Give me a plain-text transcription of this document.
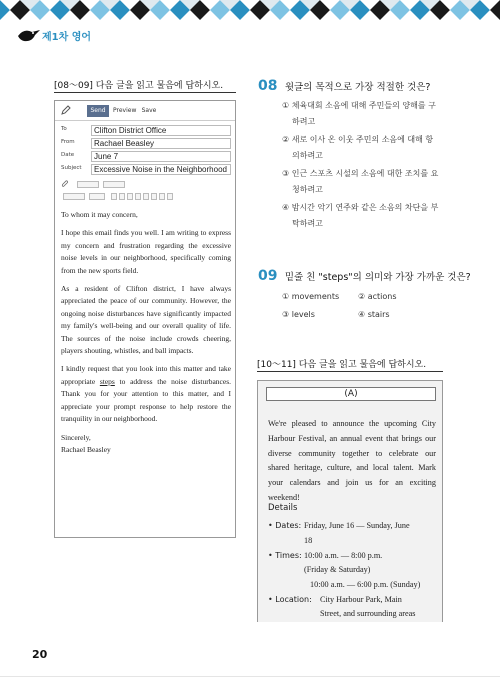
제1차 영어
[08～09] 다음 글을 읽고 물음에 답하시오.
Send	Preview Save
To	Clifton District Office
From	Rachael Beasley
Date	June 7
Subject	Excessive Noise in the Neighborhood

To whom it may concern,

I hope this email finds you well. I am writing to express my concern and frustration regarding the excessive noise levels in our neighborhood, specifically coming from the new sports field.

As a resident of Clifton district, I have always appreciated the peace of our community. However, the ongoing noise disturbances have significantly impacted my family's well-being and our overall quality of life. The sources of the noise include crowds cheering, players shouting, whistles, and ball impacts.

I kindly request that you look into this matter and take appropriate steps to address the noise disturbances. Thank you for your attention to this matter, and I appreciate your prompt response to help restore the tranquility in our neighborhood.

Sincerely,

Rachael Beasley

08 윗글의 목적으로 가장 적절한 것은?
① 체육대회 소음에 대해 주민들의 양해를 구
하려고
② 새로 이사 온 이웃 주민의 소음에 대해 항
의하려고
③ 인근 스포츠 시설의 소음에 대한 조치를 요
청하려고
④ 밤시간 악기 연주와 같은 소음의 차단을 부
탁하려고
09 밑줄 친 "steps"의 의미와 가장 가까운 것은?
① movements ② actions
③ levels	④ stairs
[10～11] 다음 글을 읽고 물음에 답하시오.
(A)
We're pleased to announce the upcoming City Harbour Festival, an annual event that brings our diverse community together to celebrate our shared heritage, culture, and local talent. Mark your calendars and join us for an exciting weekend!
Details
• Dates: Friday, June 16 ― Sunday, June
18
• Times: 10:00 a.m. ― 8:00 p.m.
(Friday & Saturday)
10:00 a.m. ― 6:00 p.m. (Sunday)
• Location: City Harbour Park, Main
Street, and surrounding areas
20
